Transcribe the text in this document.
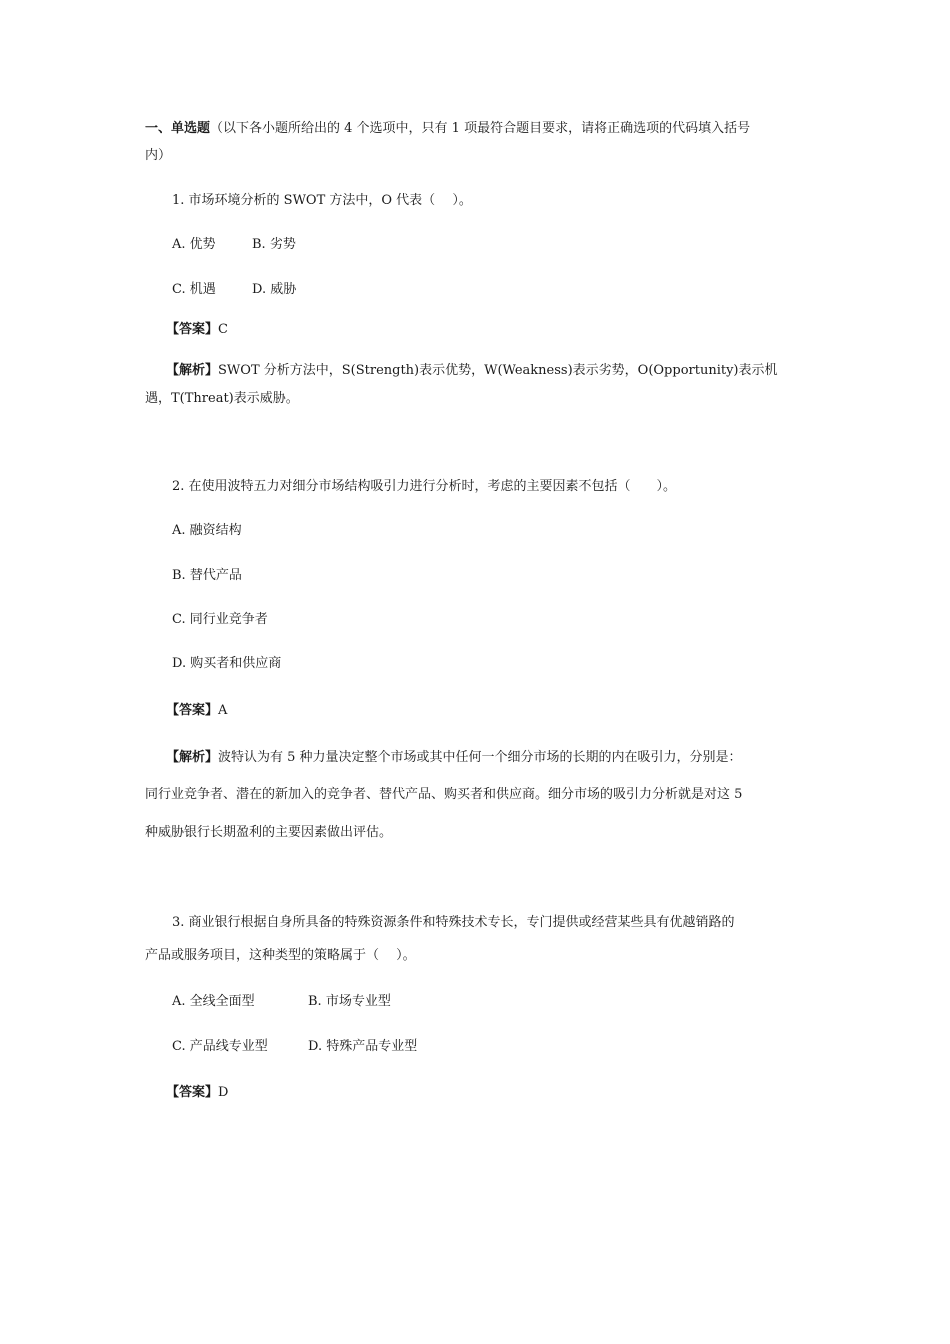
一、单选题（以下各小题所给出的 4 个选项中，只有 1 项最符合题目要求，请将正确选项的代码填入括号
内）
1. 市场环境分析的 SWOT 方法中，O 代表（　 ）。
A. 优势	B. 劣势
C. 机遇	D. 威胁
【答案】C
【解析】SWOT 分析方法中，S(Strength)表示优势，W(Weakness)表示劣势，O(Opportunity)表示机
遇，T(Threat)表示威胁。
2. 在使用波特五力对细分市场结构吸引力进行分析时，考虑的主要因素不包括（　　）。
A. 融资结构
B. 替代产品
C. 同行业竞争者
D. 购买者和供应商
【答案】A
【解析】波特认为有 5 种力量决定整个市场或其中任何一个细分市场的长期的内在吸引力，分别是：
同行业竞争者、潜在的新加入的竞争者、替代产品、购买者和供应商。细分市场的吸引力分析就是对这 5
种威胁银行长期盈利的主要因素做出评估。
3. 商业银行根据自身所具备的特殊资源条件和特殊技术专长，专门提供或经营某些具有优越销路的
产品或服务项目，这种类型的策略属于（　 ）。
A. 全线全面型	B. 市场专业型
C. 产品线专业型	D. 特殊产品专业型
【答案】D
